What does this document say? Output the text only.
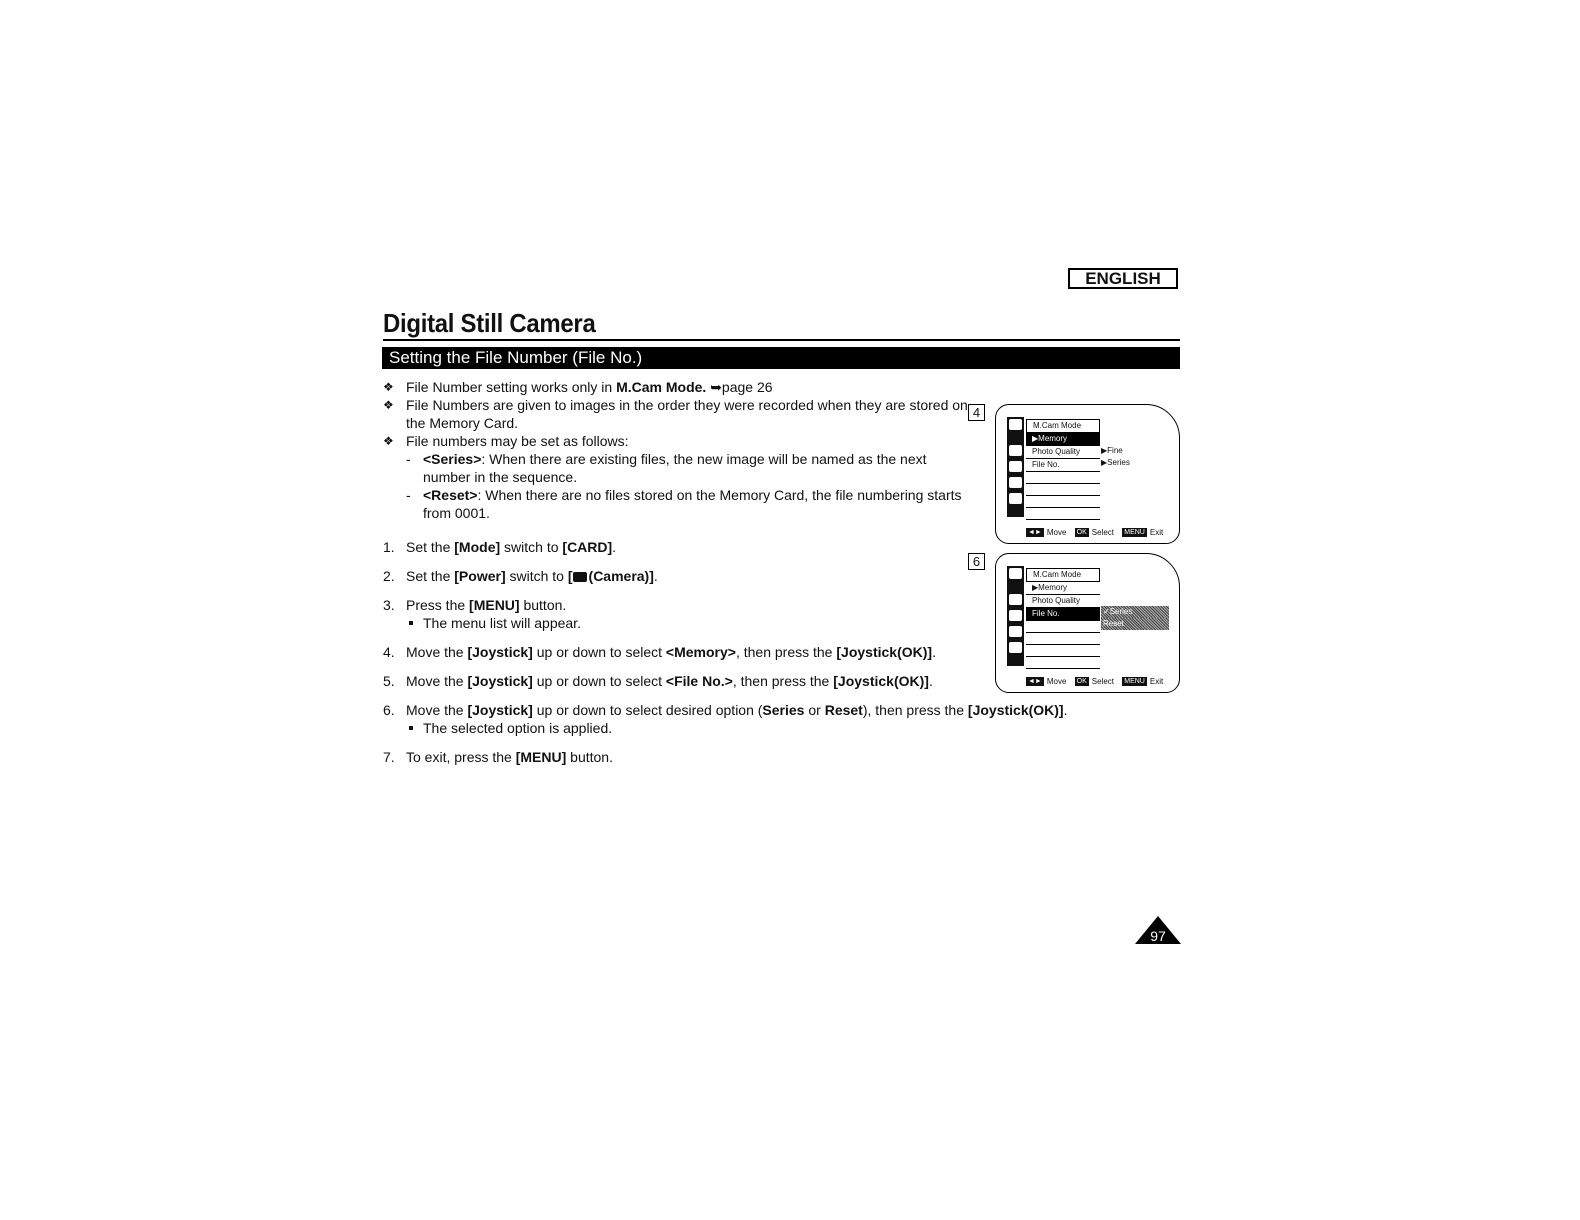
ENGLISH
Digital Still Camera
Setting the File Number (File No.)
❖ File Number setting works only in M.Cam Mode. ➥page 26
❖ File Numbers are given to images in the order they were recorded when they are stored on the Memory Card.
❖ File numbers may be set as follows:
- <Series>: When there are existing files, the new image will be named as the next number in the sequence.
- <Reset>: When there are no files stored on the Memory Card, the file numbering starts from 0001.
1. Set the [Mode] switch to [CARD].
2. Set the [Power] switch to [ (Camera)].
3. Press the [MENU] button.
The menu list will appear.
4. Move the [Joystick] up or down to select <Memory>, then press the [Joystick(OK)].
5. Move the [Joystick] up or down to select <File No.>, then press the [Joystick(OK)].
6. Move the [Joystick] up or down to select desired option (Series or Reset), then press the [Joystick(OK)].
The selected option is applied.
7. To exit, press the [MENU] button.
4
M.Cam Mode
▶Memory
Photo Quality
File No.
▶Fine
▶Series
◄► Move OK Select MENU Exit
6
M.Cam Mode
▶Memory
Photo Quality
File No.	✓Series
Reset
◄► Move OK Select MENU Exit
97
